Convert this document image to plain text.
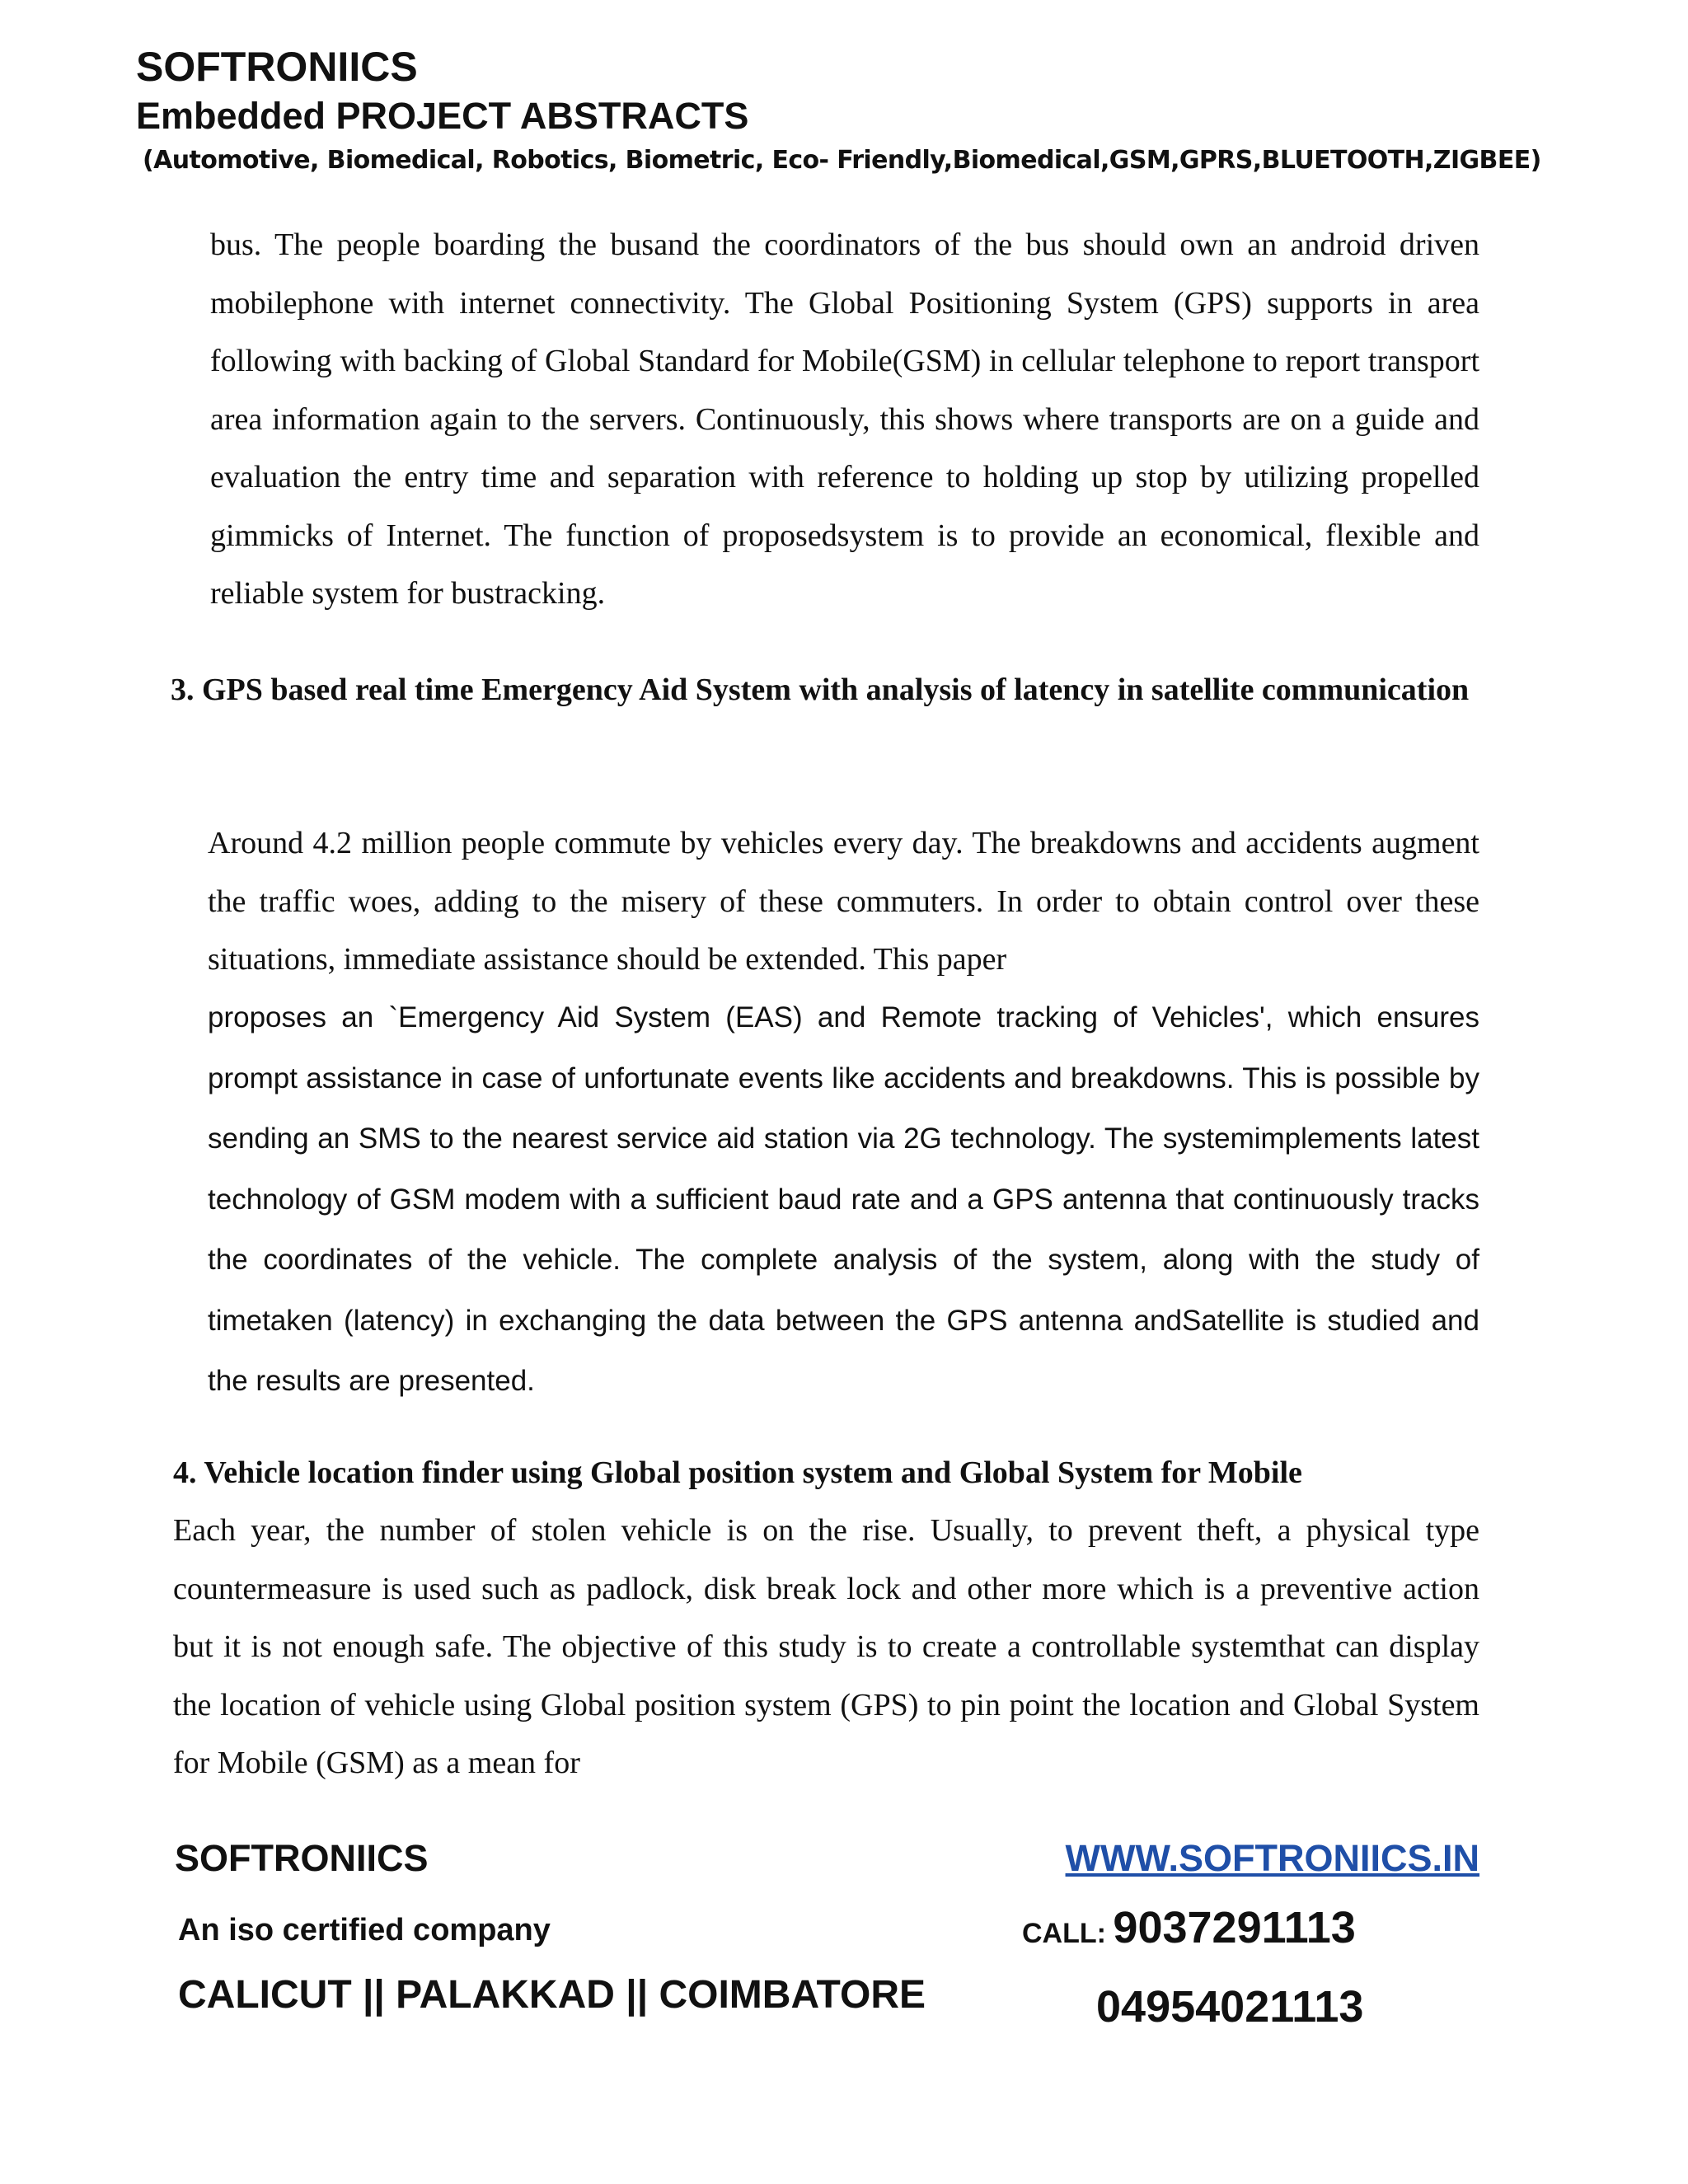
SOFTRONIICS
Embedded PROJECT ABSTRACTS
(Automotive, Biomedical, Robotics, Biometric, Eco- Friendly,Biomedical,GSM,GPRS,BLUETOOTH,ZIGBEE)

bus. The people boarding the busand the coordinators of the bus should own an android driven mobilephone with internet connectivity. The Global Positioning System (GPS) supports in area following with backing of Global Standard for Mobile(GSM) in cellular telephone to report transport area information again to the servers. Continuously, this shows where transports are on a guide and evaluation the entry time and separation with reference to holding up stop by utilizing propelled gimmicks of Internet. The function of proposedsystem is to provide an economical, flexible and reliable system for bustracking.

3. GPS based real time Emergency Aid System with analysis of latency in satellite communication

Around 4.2 million people commute by vehicles every day. The breakdowns and accidents augment the traffic woes, adding to the misery of these commuters. In order to obtain control over these situations, immediate assistance should be extended. This paper

proposes an `Emergency Aid System (EAS) and Remote tracking of Vehicles', which ensures prompt assistance in case of unfortunate events like accidents and breakdowns. This is possible by sending an SMS to the nearest service aid station via 2G technology. The systemimplements latest technology of GSM modem with a sufficient baud rate and a GPS antenna that continuously tracks the coordinates of the vehicle. The complete analysis of the system, along with the study of timetaken (latency) in exchanging the data between the GPS antenna andSatellite is studied and the results are presented.

4. Vehicle location finder using Global position system and Global System for Mobile

Each year, the number of stolen vehicle is on the rise. Usually, to prevent theft, a physical type countermeasure is used such as padlock, disk break lock and other more which is a preventive action but it is not enough safe. The objective of this study is to create a controllable systemthat can display the location of vehicle using Global position system (GPS) to pin point the location and Global System for Mobile (GSM) as a mean for

SOFTRONIICS
An iso certified company
CALICUT || PALAKKAD || COIMBATORE
WWW.SOFTRONIICS.IN
CALL: 9037291113
04954021113
